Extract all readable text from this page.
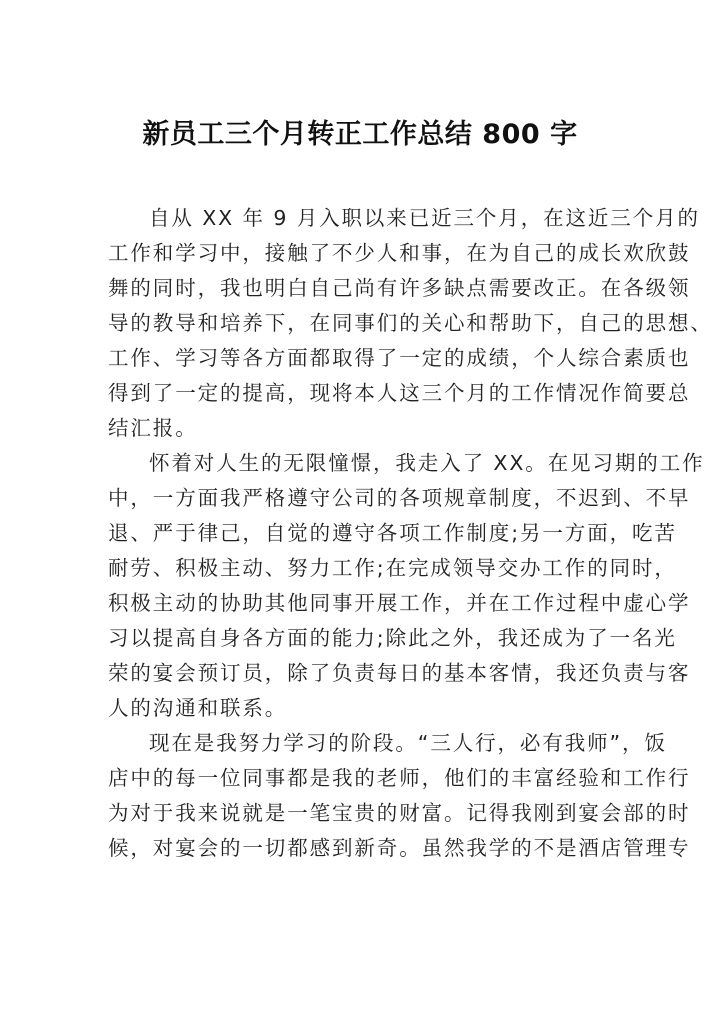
新员工三个月转正工作总结 800 字
自从 XX 年 9 月入职以来已近三个月，在这近三个月的
工作和学习中，接触了不少人和事，在为自己的成长欢欣鼓
舞的同时，我也明白自己尚有许多缺点需要改正。在各级领
导的教导和培养下，在同事们的关心和帮助下，自己的思想、
工作、学习等各方面都取得了一定的成绩，个人综合素质也
得到了一定的提高，现将本人这三个月的工作情况作简要总
结汇报。
怀着对人生的无限憧憬，我走入了 XX。在见习期的工作
中，一方面我严格遵守公司的各项规章制度，不迟到、不早
退、严于律己，自觉的遵守各项工作制度;另一方面，吃苦
耐劳、积极主动、努力工作;在完成领导交办工作的同时，
积极主动的协助其他同事开展工作，并在工作过程中虚心学
习以提高自身各方面的能力;除此之外，我还成为了一名光
荣的宴会预订员，除了负责每日的基本客情，我还负责与客
人的沟通和联系。
现在是我努力学习的阶段。“三人行，必有我师”，饭
店中的每一位同事都是我的老师，他们的丰富经验和工作行
为对于我来说就是一笔宝贵的财富。记得我刚到宴会部的时
候，对宴会的一切都感到新奇。虽然我学的不是酒店管理专
